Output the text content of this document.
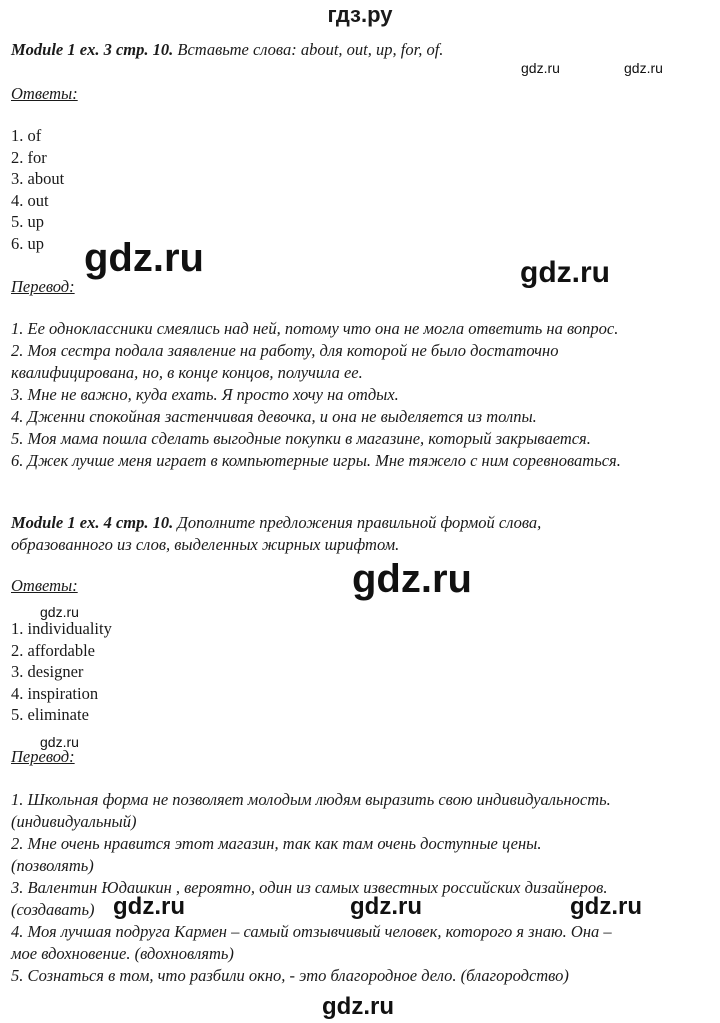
гдз.ру
Module 1 ex. 3 стр. 10. Вставьте слова: about, out, up, for, of.
Ответы:
1. of
2. for
3. about
4. out
5. up
6. up
Перевод:
1. Ее одноклассники смеялись над ней, потому что она не могла ответить на вопрос.
2. Моя сестра подала заявление на работу, для которой не было достаточно
квалифицирована, но, в конце концов, получила ее.
3. Мне не важно, куда ехать. Я просто хочу на отдых.
4. Дженни спокойная застенчивая девочка, и она не выделяется из толпы.
5. Моя мама пошла сделать выгодные покупки в магазине, который закрывается.
6. Джек лучше меня играет в компьютерные игры. Мне тяжело с ним соревноваться.
Module 1 ex. 4 стр. 10. Дополните предложения правильной формой слова,
образованного из слов, выделенных жирных шрифтом.
Ответы:
1. individuality
2. affordable
3. designer
4. inspiration
5. eliminate
Перевод:
1. Школьная форма не позволяет молодым людям выразить свою индивидуальность.
(индивидуальный)
2. Мне очень нравится этот магазин, так как там очень доступные цены.
(позволять)
3. Валентин Юдашкин , вероятно, один из самых известных российских дизайнеров.
(создавать)
4. Моя лучшая подруга Кармен – самый отзывчивый человек, которого я знаю. Она –
мое вдохновение. (вдохновлять)
5. Сознаться в том, что разбили окно, - это благородное дело. (благородство)
gdz.ru	gdz.ru
gdz.ru	gdz.ru
gdz.ru
gdz.ru
gdz.ru
gdz.ru	gdz.ru	gdz.ru
gdz.ru
